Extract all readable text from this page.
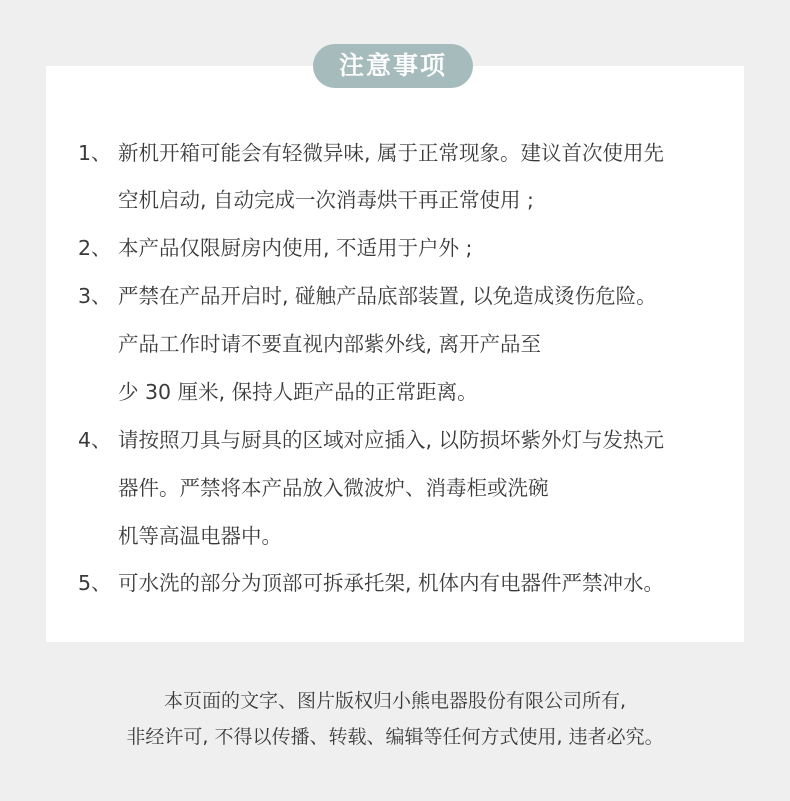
注意事项
1、 新机开箱可能会有轻微异味, 属于正常现象。建议首次使用先
空机启动, 自动完成一次消毒烘干再正常使用 ;
2、 本产品仅限厨房内使用, 不适用于户外 ;
3、 严禁在产品开启时, 碰触产品底部装置, 以免造成烫伤危险。
产品工作时请不要直视内部紫外线, 离开产品至
少 30 厘米, 保持人距产品的正常距离。
4、 请按照刀具与厨具的区域对应插入, 以防损坏紫外灯与发热元
器件。严禁将本产品放入微波炉、消毒柜或洗碗
机等高温电器中。
5、 可水洗的部分为顶部可拆承托架, 机体内有电器件严禁冲水。
本页面的文字、图片版权归小熊电器股份有限公司所有,
非经许可, 不得以传播、转载、编辑等任何方式使用, 违者必究。
